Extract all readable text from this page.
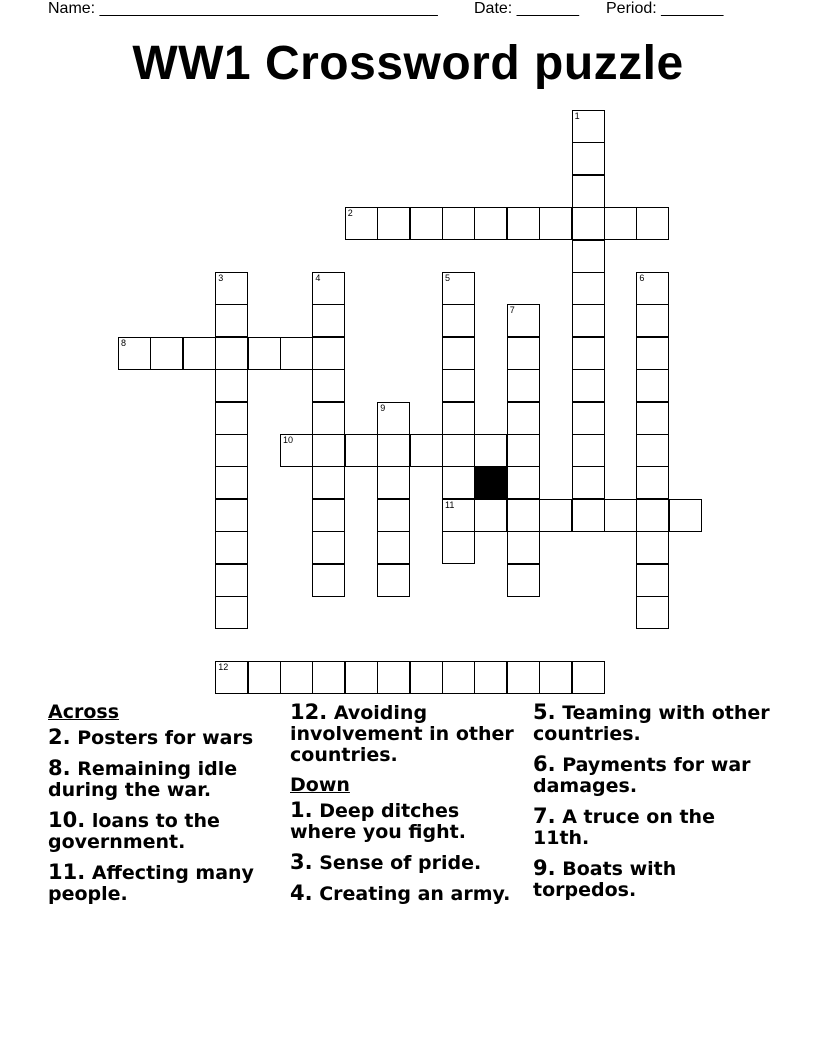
Name: ______________________________________ Date: _______ Period: _______
WW1 Crossword puzzle
1
2
3	4	5
11
6
7
8
9
10
12
Across
2. Posters for wars
8. Remaining idle during the war.
10. loans to the government.
11. Affecting many people.
12. Avoiding involvement in other countries.
Down
1. Deep ditches where you fight.
3. Sense of pride.
4. Creating an army.
5. Teaming with other countries.
6. Payments for war damages.
7. A truce on the 11th.
9. Boats with torpedos.
